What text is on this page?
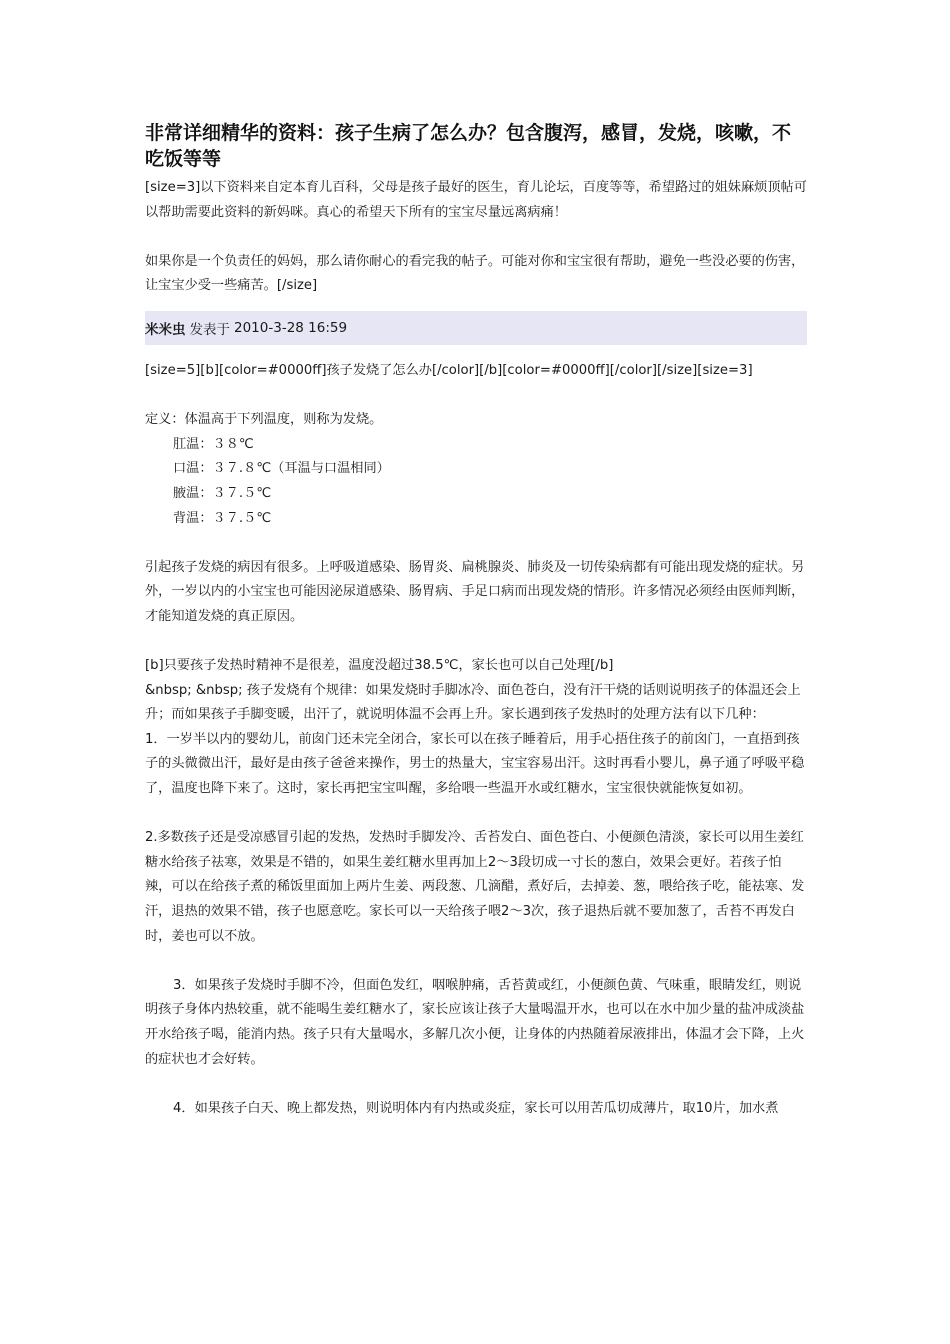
非常详细精华的资料：孩子生病了怎么办？包含腹泻，感冒，发烧，咳嗽，不吃饭等等

[size=3]以下资料来自定本育儿百科，父母是孩子最好的医生，育儿论坛，百度等等，希望路过的姐妹麻烦顶帖可以帮助需要此资料的新妈咪。真心的希望天下所有的宝宝尽量远离病痛！

如果你是一个负责任的妈妈，那么请你耐心的看完我的帖子。可能对你和宝宝很有帮助，避免一些没必要的伤害，让宝宝少受一些痛苦。[/size]

米米虫 发表于 2010-3-28 16:59

[size=5][b][color=#0000ff]孩子发烧了怎么办[/color][/b][color=#0000ff][/color][/size][size=3]

定义：体温高于下列温度，则称为发烧。

肛温：３８℃

口温：３７.８℃（耳温与口温相同）

腋温：３７.５℃

背温：３７.５℃

引起孩子发烧的病因有很多。上呼吸道感染、肠胃炎、扁桃腺炎、肺炎及一切传染病都有可能出现发烧的症状。另外，一岁以内的小宝宝也可能因泌尿道感染、肠胃病、手足口病而出现发烧的情形。许多情况必须经由医师判断，才能知道发烧的真正原因。

[b]只要孩子发热时精神不是很差，温度没超过38.5℃，家长也可以自己处理[/b]

&nbsp; &nbsp; 孩子发烧有个规律：如果发烧时手脚冰冷、面色苍白，没有汗干烧的话则说明孩子的体温还会上升；而如果孩子手脚变暖，出汗了，就说明体温不会再上升。家长遇到孩子发热时的处理方法有以下几种：

1．一岁半以内的婴幼儿，前囱门还未完全闭合，家长可以在孩子睡着后，用手心捂住孩子的前囟门，一直捂到孩子的头微微出汗，最好是由孩子爸爸来操作，男士的热量大，宝宝容易出汗。这时再看小婴儿，鼻子通了呼吸平稳了，温度也降下来了。这时，家长再把宝宝叫醒，多给喂一些温开水或红糖水，宝宝很快就能恢复如初。

2.多数孩子还是受凉感冒引起的发热，发热时手脚发冷、舌苔发白、面色苍白、小便颜色清淡，家长可以用生姜红糖水给孩子祛寒，效果是不错的，如果生姜红糖水里再加上2～3段切成一寸长的葱白，效果会更好。若孩子怕辣，可以在给孩子煮的稀饭里面加上两片生姜、两段葱、几滴醋，煮好后，去掉姜、葱，喂给孩子吃，能祛寒、发汗，退热的效果不错，孩子也愿意吃。家长可以一天给孩子喂2～3次，孩子退热后就不要加葱了，舌苔不再发白时，姜也可以不放。

3．如果孩子发烧时手脚不冷，但面色发红，咽喉肿痛，舌苔黄或红，小便颜色黄、气味重，眼睛发红，则说明孩子身体内热较重，就不能喝生姜红糖水了，家长应该让孩子大量喝温开水，也可以在水中加少量的盐冲成淡盐开水给孩子喝，能消内热。孩子只有大量喝水，多解几次小便，让身体的内热随着尿液排出，体温才会下降，上火的症状也才会好转。

4．如果孩子白天、晚上都发热，则说明体内有内热或炎症，家长可以用苦瓜切成薄片，取10片，加水煮
